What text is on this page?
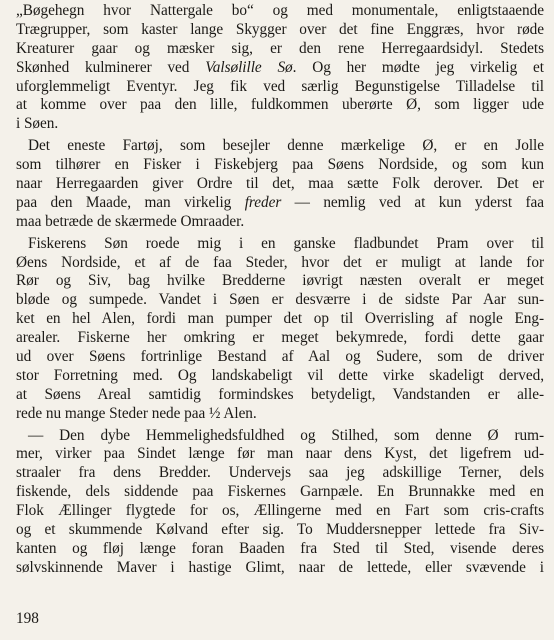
„Bøgehegn hvor Nattergale bo“ og med monumentale, enligtstaaende
Trægrupper, som kaster lange Skygger over det fine Enggræs, hvor røde
Kreaturer gaar og mæsker sig, er den rene Herregaardsidyl. Stedets
Skønhed kulminerer ved Valsølille Sø. Og her mødte jeg virkelig et
uforglemmeligt Eventyr. Jeg fik ved særlig Begunstigelse Tilladelse til
at komme over paa den lille, fuldkommen uberørte Ø, som ligger ude
i Søen.
Det eneste Fartøj, som besejler denne mærkelige Ø, er en Jolle
som tilhører en Fisker i Fiskebjerg paa Søens Nordside, og som kun
naar Herregaarden giver Ordre til det, maa sætte Folk derover. Det er
paa den Maade, man virkelig freder — nemlig ved at kun yderst faa
maa betræde de skærmede Omraader.
Fiskerens Søn roede mig i en ganske fladbundet Pram over til
Øens Nordside, et af de faa Steder, hvor det er muligt at lande for
Rør og Siv, bag hvilke Bredderne iøvrigt næsten overalt er meget
bløde og sumpede. Vandet i Søen er desværre i de sidste Par Aar sun-
ket en hel Alen, fordi man pumper det op til Overrisling af nogle Eng-
arealer. Fiskerne her omkring er meget bekymrede, fordi dette gaar
ud over Søens fortrinlige Bestand af Aal og Sudere, som de driver
stor Forretning med. Og landskabeligt vil dette virke skadeligt derved,
at Søens Areal samtidig formindskes betydeligt, Vandstanden er alle-
rede nu mange Steder nede paa ½ Alen.
— Den dybe Hemmelighedsfuldhed og Stilhed, som denne Ø rum-
mer, virker paa Sindet længe før man naar dens Kyst, det ligefrem ud-
straaler fra dens Bredder. Undervejs saa jeg adskillige Terner, dels
fiskende, dels siddende paa Fiskernes Garnpæle. En Brunnakke med en
Flok Ællinger flygtede for os, Ællingerne med en Fart som cris-crafts
og et skummende Kølvand efter sig. To Muddersnepper lettede fra Siv-
kanten og fløj længe foran Baaden fra Sted til Sted, visende deres
sølvskinnende Maver i hastige Glimt, naar de lettede, eller svævende i
198
